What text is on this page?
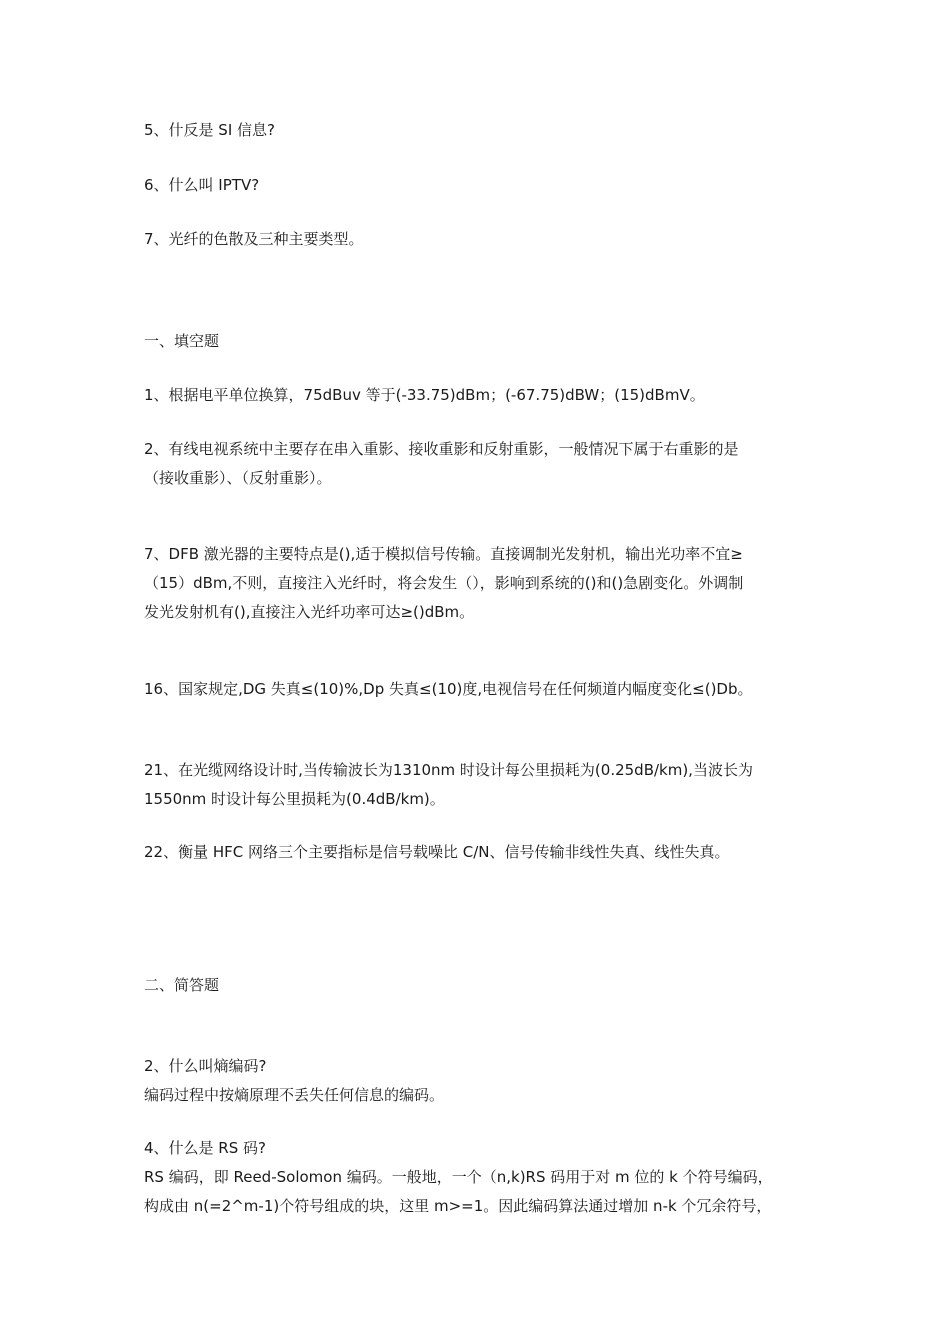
5、什反是 SI 信息?

6、什么叫 IPTV?

7、光纤的色散及三种主要类型。

一、填空题

1、根据电平单位换算，75dBuv 等于(-33.75)dBm；(-67.75)dBW；(15)dBmV。

2、有线电视系统中主要存在串入重影、接收重影和反射重影，一般情况下属于右重影的是
（接收重影）、（反射重影）。

7、DFB 激光器的主要特点是(),适于模拟信号传输。直接调制光发射机，输出光功率不宜≥
（15）dBm,不则，直接注入光纤时，将会发生（），影响到系统的()和()急剧变化。外调制
发光发射机有(),直接注入光纤功率可达≥()dBm。

16、国家规定,DG 失真≤(10)%,Dp 失真≤(10)度,电视信号在任何频道内幅度变化≤()Db。

21、在光缆网络设计时,当传输波长为1310nm 时设计每公里损耗为(0.25dB/km),当波长为
1550nm 时设计每公里损耗为(0.4dB/km)。

22、衡量 HFC 网络三个主要指标是信号载噪比 C/N、信号传输非线性失真、线性失真。

二、简答题

2、什么叫熵编码?
编码过程中按熵原理不丢失任何信息的编码。

4、什么是 RS 码?
RS 编码，即 Reed-Solomon 编码。一般地，一个（n,k)RS 码用于对 m 位的 k 个符号编码，
构成由 n(=2^m-1)个符号组成的块，这里 m>=1。因此编码算法通过增加 n-k 个冗余符号，
